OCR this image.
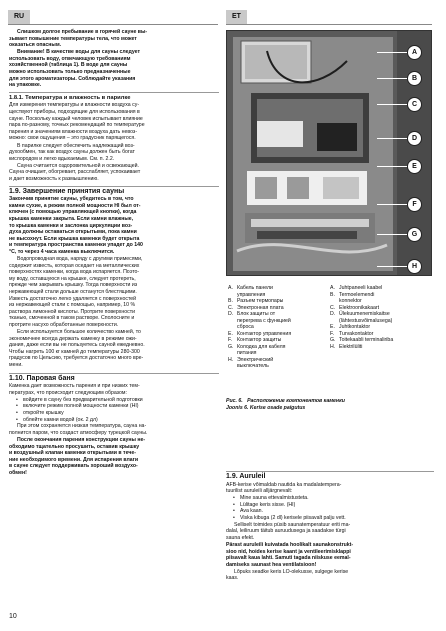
RU	ET

Слишком долгое пребывание в горячей сауне вы-
зывает повышение температуры тела, что может
оказаться опасным.

Внимание! В качестве воды для сауны следует
использовать воду, отвечающую требованиям
хозяйственной (таблица 1). В воде для сауны
можно использовать только предназначенные
для этого ароматизаторы. Соблюдайте указания
на упаковке.

1.8.1. Температура и влажность в парилке

Для измерения температуры и влажности воздуха су-
ществуют приборы, подходящие для использования в
сауне. Поскольку каждый человек испытывает влияние
пара по-разному, точных рекомендаций по температуре
парения и значениям влажности воздуха дать невоз-
можно: свои ощущения – это градусник парящегося.

В парилке следует обеспечить надлежащий воз-
духообмен, так как воздух сауны должен быть богат
кислородом и легко вдыхаемым. См. п. 2.2.

Сауна считается оздоровительной и освежающей.
Сауна очищает, обогревает, расслабляет, успокаивает
и дает возможность к размышлению.

1.9. Завершение принятия сауны

Закончив принятие сауны, убедитесь в том, что
камни сухие, а режим полной мощности HI был от-
ключен (с помощью управляющей кнопки), когда
крышка каменки закрыта. Если камни влажные,
то крышка каменки и заслонка циркуляции воз-
духа должны оставаться открытыми, пока камни
не высохнут. Если крышка каменки будет открыта
и температура пространства каменки упадет до 140
°C, то через 4 часа каменка выключится.

Водопроводная вода, наряду с другими примесями,
содержит известь, которая оседает на металлических
поверхностях каменки, когда вода испаряется. Поэто-
му воду, оставшуюся на крышке, следует протереть,
прежде чем закрывать крышку. Тогда поверхности из
нержавеющей стали дольше останутся блестящими.
Известь достаточно легко удаляется с поверхностей
из нержавеющей стали с помощью, например, 10 %
раствора лимонной кислоты. Протрите поверхности
тканью, смоченной в таком растворе. Сполосните и
протрите насухо обработанные поверхности.

Если используется большое количество камней, то
экономичнее всегда держать каменку в режиме ожи-
дания, даже если вы не пользуетесь сауной ежедневно.
Чтобы нагреть 100 кг камней до температуры 280-300
градусов по Цельсию, требуется достаточно много вре-
мени.

1.10. Паровая баня

Каменка дает возможность парения и при низких тем-
пературах, что происходит следующим образом:

• войдите в сауну без предварительной подготовки
• включите режим полной мощности каменки (HI)
• откройте крышку
• облейте камни водой (ок. 2 дл)

При этом сохраняется низкая температура, сауна на-
полнится паром, что создаст атмосферу турецкой сауны.

После окончания парения конструкции сауны не-
обходимо тщательно просушить, оставив крышку
и воздушный клапан каменки открытыми в тече-
ние необходимого времени. Для испарения влаги
в сауне следует поддерживать хороший воздухо-
обмен!

A
B
C
D
E
F
G
H
A. Кабель панели
управления
B. Разъем термопары
C. Электронная плата
D. Блок защиты от
перегрева с функцией
сброса
E. Контактор управления
F. Контактор защиты
G. Колодка для кабеля
питания
H. Электрический
выключатель
A. Juhtpaneeli kaabel
B. Termoelemendi
konnektor
C. Elektroonikakaart
D. Ülekuumenemiskaitse
(lähtestusvõimalusega)
E. Juhtkontaktor
F. Turvakontaktor
G. Toitekaabli terminaliriba
H. Elektrilüliti
Рис. 6. Расположение компонентов каменки
Joonis 6. Kerise osade paigutus
1.9. Auruleil

AFB-kerise võimaldab nautida ka madalatempera-
tuurilist auruleili alljärgnevalt:

• Mine sauna ettevalmistusteta.
• Lülitage keris sisse. (HI)
• Ava kaan.
• Viska kibuga (2 dl) kerisele piisavalt palju vett.

Selliselt toimides püsib saunatemperatuur eriti ma-
dalal, leiliruum täitub auruudusega ja saadakse türgi
sauna efekt.

Pärast auruleili kuivatada hoolikalt saunakonstrukt-
sioo nid, hoides kerise kaant ja ventileerimisklappi
piisavalt kaua lahti. Samuti tagada niiskuse eemal-
damiseks saunast hea ventilatsioon!

Lõpuks seadke keris LO-olekusse, sulgege kerise
kaas.

10
